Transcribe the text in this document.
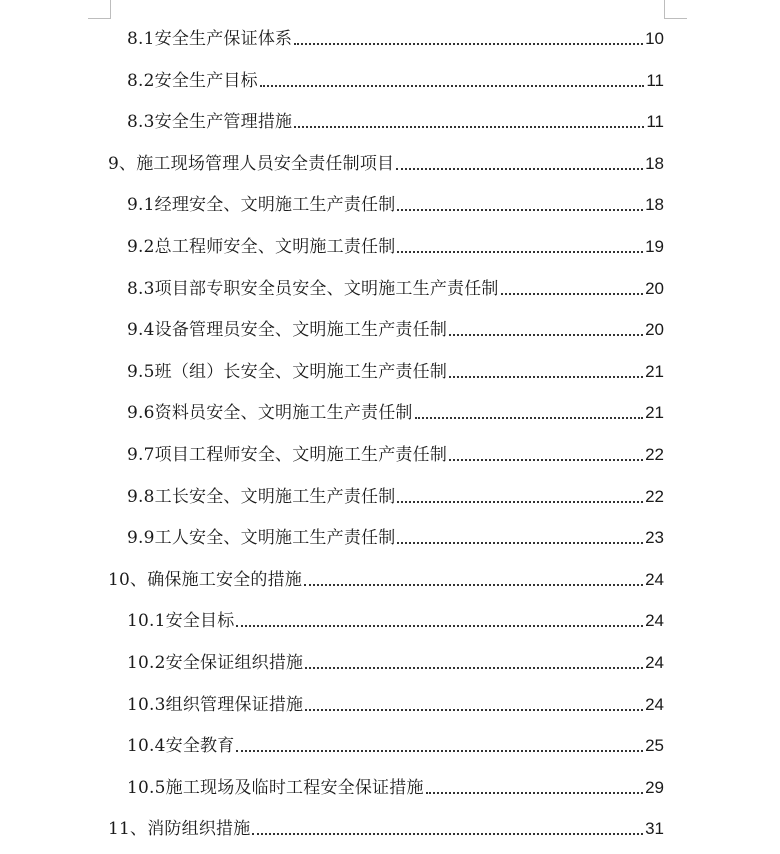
8.1安全生产保证体系	10
8.2安全生产目标	11
8.3安全生产管理措施	11
9、施工现场管理人员安全责任制项目	18
9.1经理安全、文明施工生产责任制	18
9.2总工程师安全、文明施工责任制	19
8.3项目部专职安全员安全、文明施工生产责任制	20
9.4设备管理员安全、文明施工生产责任制	20
9.5班（组）长安全、文明施工生产责任制	21
9.6资料员安全、文明施工生产责任制	21
9.7项目工程师安全、文明施工生产责任制	22
9.8工长安全、文明施工生产责任制	22
9.9工人安全、文明施工生产责任制	23
10、确保施工安全的措施	24
10.1安全目标	24
10.2安全保证组织措施	24
10.3组织管理保证措施	24
10.4安全教育	25
10.5施工现场及临时工程安全保证措施	29
11、消防组织措施	31
